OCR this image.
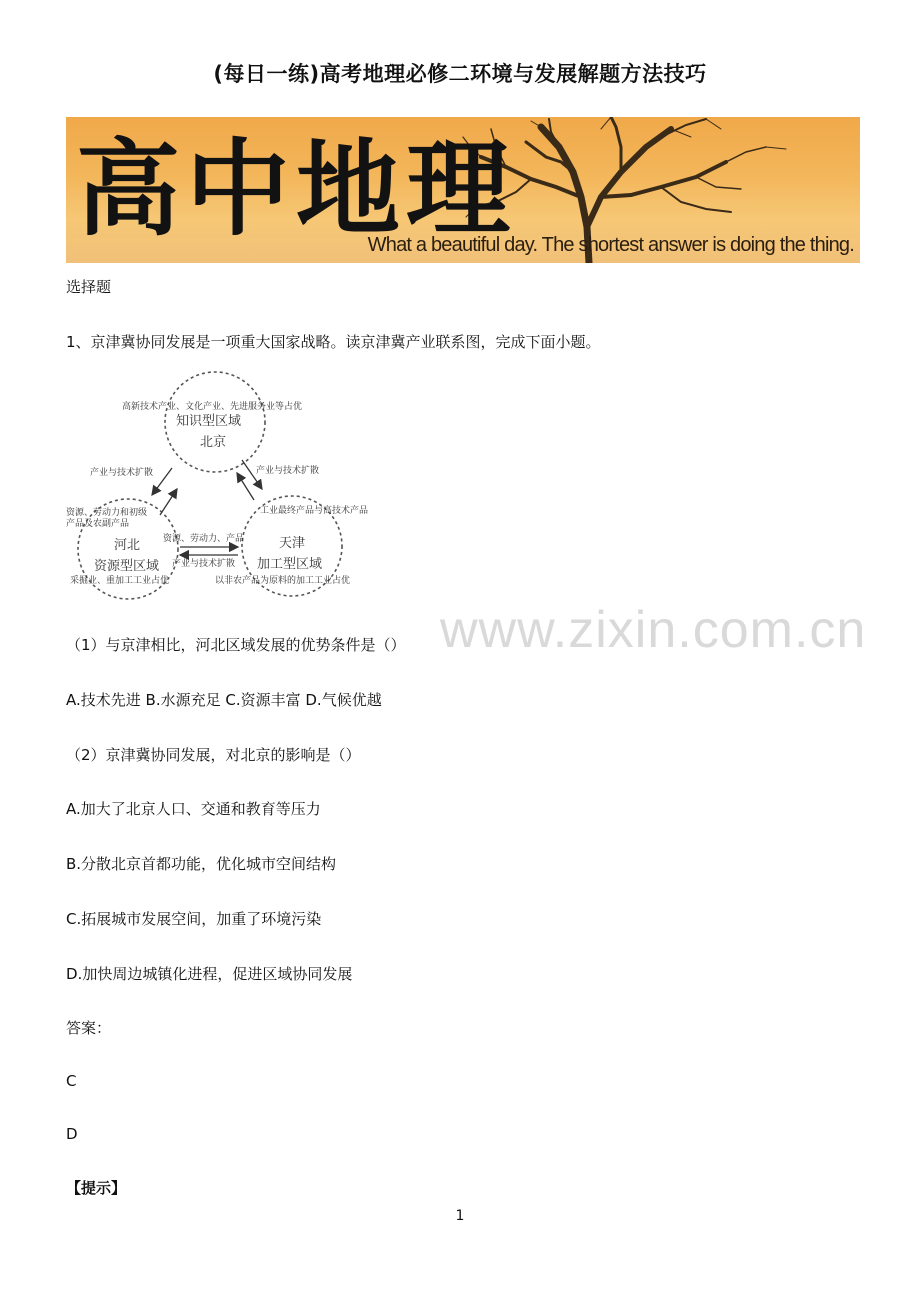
(每日一练)高考地理必修二环境与发展解题方法技巧
高中地理
What a beautiful day. The shortest answer is doing the thing.
选择题
1、京津冀协同发展是一项重大国家战略。读京津冀产业联系图，完成下面小题。
高新技术产业、文化产业、先进服务业等占优
知识型区域
北京
产业与技术扩散	产业与技术扩散
资源、劳动力和初级
产品及农副产品
工业最终产品与高技术产品
河北
资源型区域
天津
加工型区域
资源、劳动力、产品
产业与技术扩散
采掘业、重加工工业占优	以非农产品为原料的加工工业占优
www.zixin.com.cn
（1）与京津相比，河北区域发展的优势条件是（）
A.技术先进 B.水源充足 C.资源丰富 D.气候优越
（2）京津冀协同发展，对北京的影响是（）
A.加大了北京人口、交通和教育等压力
B.分散北京首都功能，优化城市空间结构
C.拓展城市发展空间，加重了环境污染
D.加快周边城镇化进程，促进区域协同发展
答案：
C
D
【提示】
1
